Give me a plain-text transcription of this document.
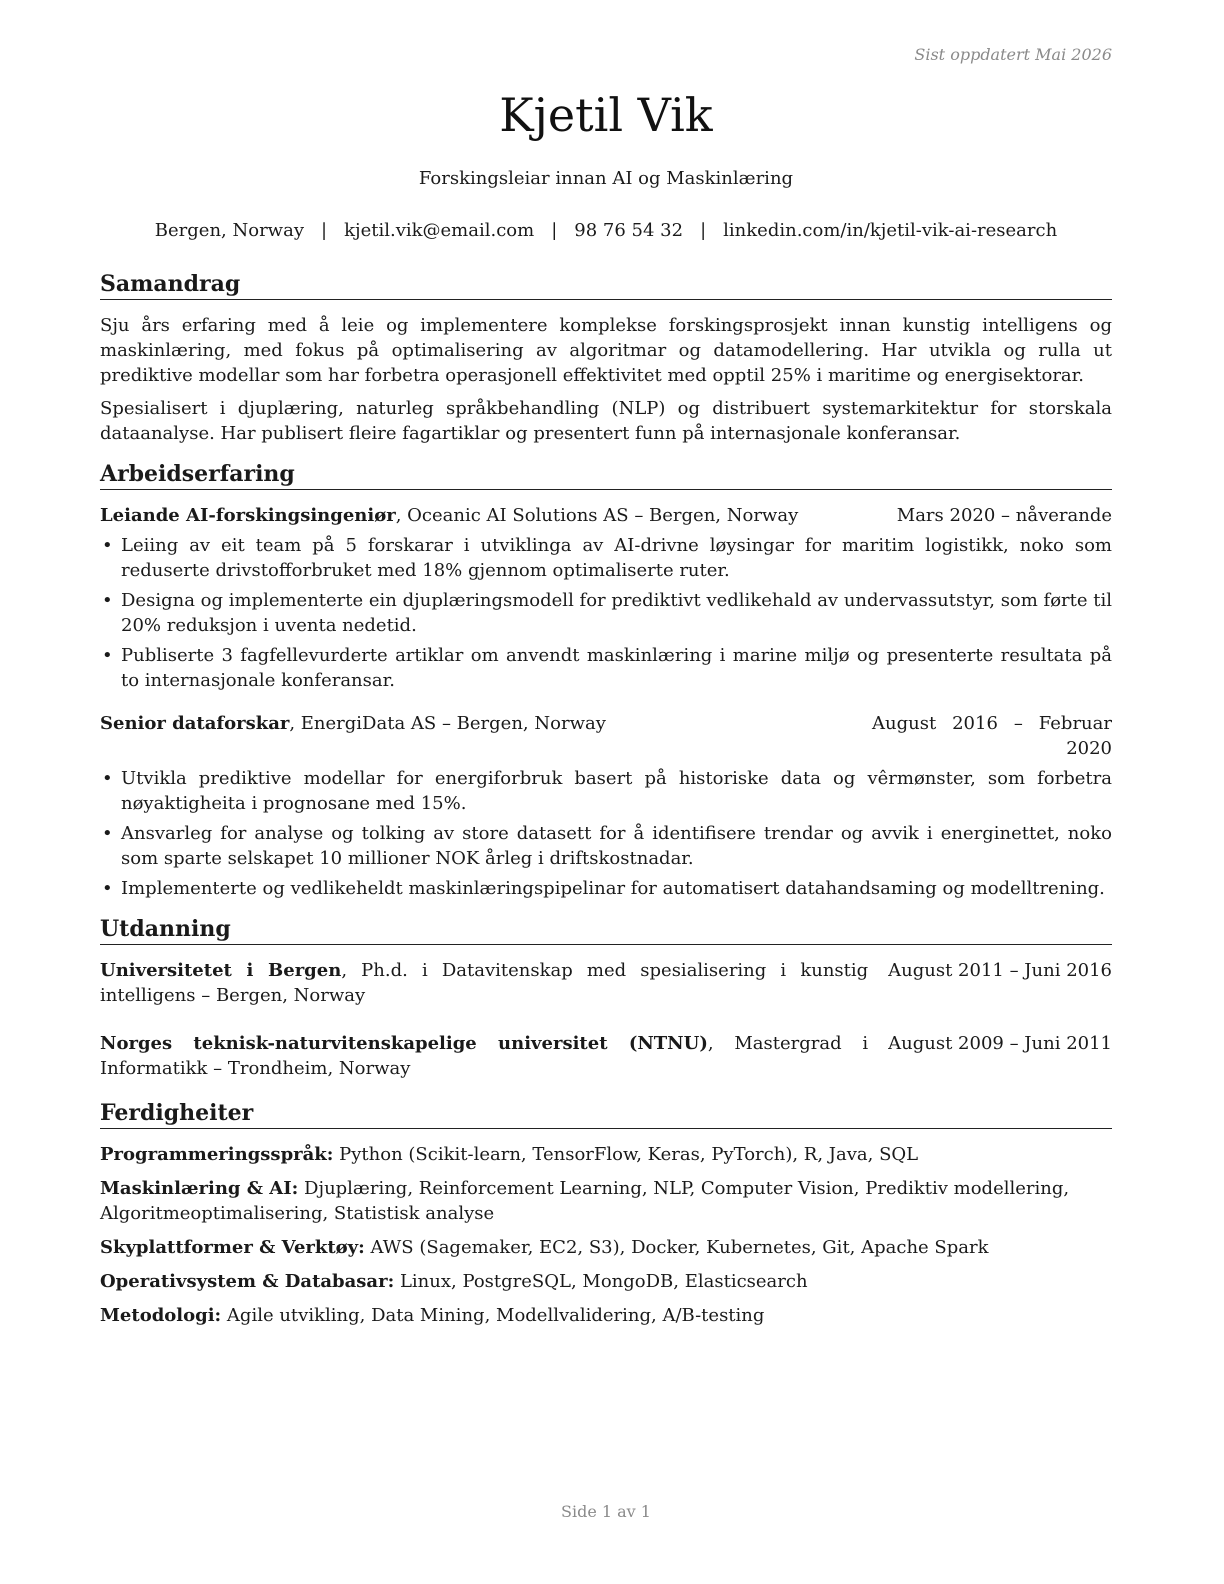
Sist oppdatert Mai 2026
Kjetil Vik
Forskingsleiar innan AI og Maskinlæring
Bergen, Norway | kjetil.vik@email.com | 98 76 54 32 | linkedin.com/in/kjetil-vik-ai-research
Samandrag

Sju års erfaring med å leie og implementere komplekse forskingsprosjekt innan kunstig intelligens og maskinlæring, med fokus på optimalisering av algoritmar og datamodellering. Har utvikla og rulla ut prediktive modellar som har forbetra operasjonell effektivitet med opptil 25% i maritime og energisektorar.

Spesialisert i djuplæring, naturleg språkbehandling (NLP) og distribuert systemarkitektur for storskala dataanalyse. Har publisert fleire fagartiklar og presentert funn på internasjonale konferansar.

Arbeidserfaring
Leiande AI-forskingsingeniør, Oceanic AI Solutions AS – Bergen, Norway	Mars 2020 – nåverande
• Leiing av eit team på 5 forskarar i utviklinga av AI-drivne løysingar for maritim logistikk, noko som reduserte drivstofforbruket med 18% gjennom optimaliserte ruter.
• Designa og implementerte ein djuplæringsmodell for prediktivt vedlikehald av undervassutstyr, som førte til 20% reduksjon i uventa nedetid.
• Publiserte 3 fagfellevurderte artiklar om anvendt maskinlæring i marine miljø og presenterte resultata på to internasjonale konferansar.
Senior dataforskar, EnergiData AS – Bergen, Norway	August 2016 – Februar 2020
• Utvikla prediktive modellar for energiforbruk basert på historiske data og vêrmønster, som forbetra nøyaktigheita i prognosane med 15%.
• Ansvarleg for analyse og tolking av store datasett for å identifisere trendar og avvik i energinettet, noko som sparte selskapet 10 millioner NOK årleg i driftskostnadar.
• Implementerte og vedlikeheldt maskinlæringspipelinar for automatisert datahandsaming og modelltrening.
Utdanning
Universitetet i Bergen, Ph.d. i Datavitenskap med spesialisering i kunstig intelligens – Bergen, Norway
August 2011 – Juni 2016
Norges teknisk-naturvitenskapelige universitet (NTNU), Mastergrad i Informatikk – Trondheim, Norway
August 2009 – Juni 2011
Ferdigheiter

Programmeringsspråk: Python (Scikit-learn, TensorFlow, Keras, PyTorch), R, Java, SQL

Maskinlæring & AI: Djuplæring, Reinforcement Learning, NLP, Computer Vision, Prediktiv modellering, Algoritmeoptimalisering, Statistisk analyse

Skyplattformer & Verktøy: AWS (Sagemaker, EC2, S3), Docker, Kubernetes, Git, Apache Spark

Operativsystem & Databasar: Linux, PostgreSQL, MongoDB, Elasticsearch

Metodologi: Agile utvikling, Data Mining, Modellvalidering, A/B-testing

Side 1 av 1
